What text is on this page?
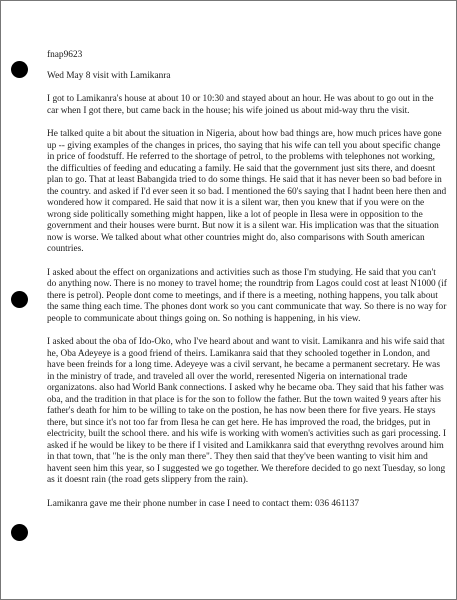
fnap9623

Wed May 8 visit with Lamikanra

I got to Lamikanra's house at about 10 or 10:30 and stayed about an hour. He was about to go out in the car when I got there, but came back in the house; his wife joined us about mid-way thru the visit.

He talked quite a bit about the situation in Nigeria, about how bad things are, how much prices have gone up -- giving examples of the changes in prices, tho saying that his wife can tell you about specific change in price of foodstuff. He referred to the shortage of petrol, to the problems with telephones not working, the difficulties of feeding and educating a family. He said that the government just sits there, and doesnt plan to go. That at least Babangida tried to do some things. He said that it has never been so bad before in the country. and asked if I'd ever seen it so bad. I mentioned the 60's saying that I hadnt been here then and wondered how it compared. He said that now it is a silent war, then you knew that if you were on the wrong side politically something might happen, like a lot of people in Ilesa were in opposition to the government and their houses were burnt. But now it is a silent war. His implication was that the situation now is worse. We talked about what other countries might do, also comparisons with South american countries.

I asked about the effect on organizations and activities such as those I'm studying. He said that you can't do anything now. There is no money to travel home; the roundtrip from Lagos could cost at least N1000 (if there is petrol). People dont come to meetings, and if there is a meeting, nothing happens, you talk about the same thing each time. The phones dont work so you cant communicate that way. So there is no way for people to communicate about things going on. So nothing is happening, in his view.

I asked about the oba of Ido-Oko, who I've heard about and want to visit. Lamikanra and his wife said that he, Oba Adeyeye is a good friend of theirs. Lamikanra said that they schooled together in London, and have been freinds for a long time. Adeyeye was a civil servant, he became a permanent secretary. He was in the ministry of trade, and traveled all over the world, reresented Nigeria on international trade organizatons. also had World Bank connections. I asked why he became oba. They said that his father was oba, and the tradition in that place is for the son to follow the father. But the town waited 9 years after his father's death for him to be willing to take on the postion, he has now been there for five years. He stays there, but since it's not too far from Ilesa he can get here. He has improved the road, the bridges, put in electricity, built the school there. and his wife is working with women's activities such as gari processing. I asked if he would be likey to be there if I visited and Lamikkanra said that everythng revolves around him in that town, that "he is the only man there". They then said that they've been wanting to visit him and havent seen him this year, so I suggested we go together. We therefore decided to go next Tuesday, so long as it doesnt rain (the road gets slippery from the rain).

Lamikanra gave me their phone number in case I need to contact them: 036 461137
